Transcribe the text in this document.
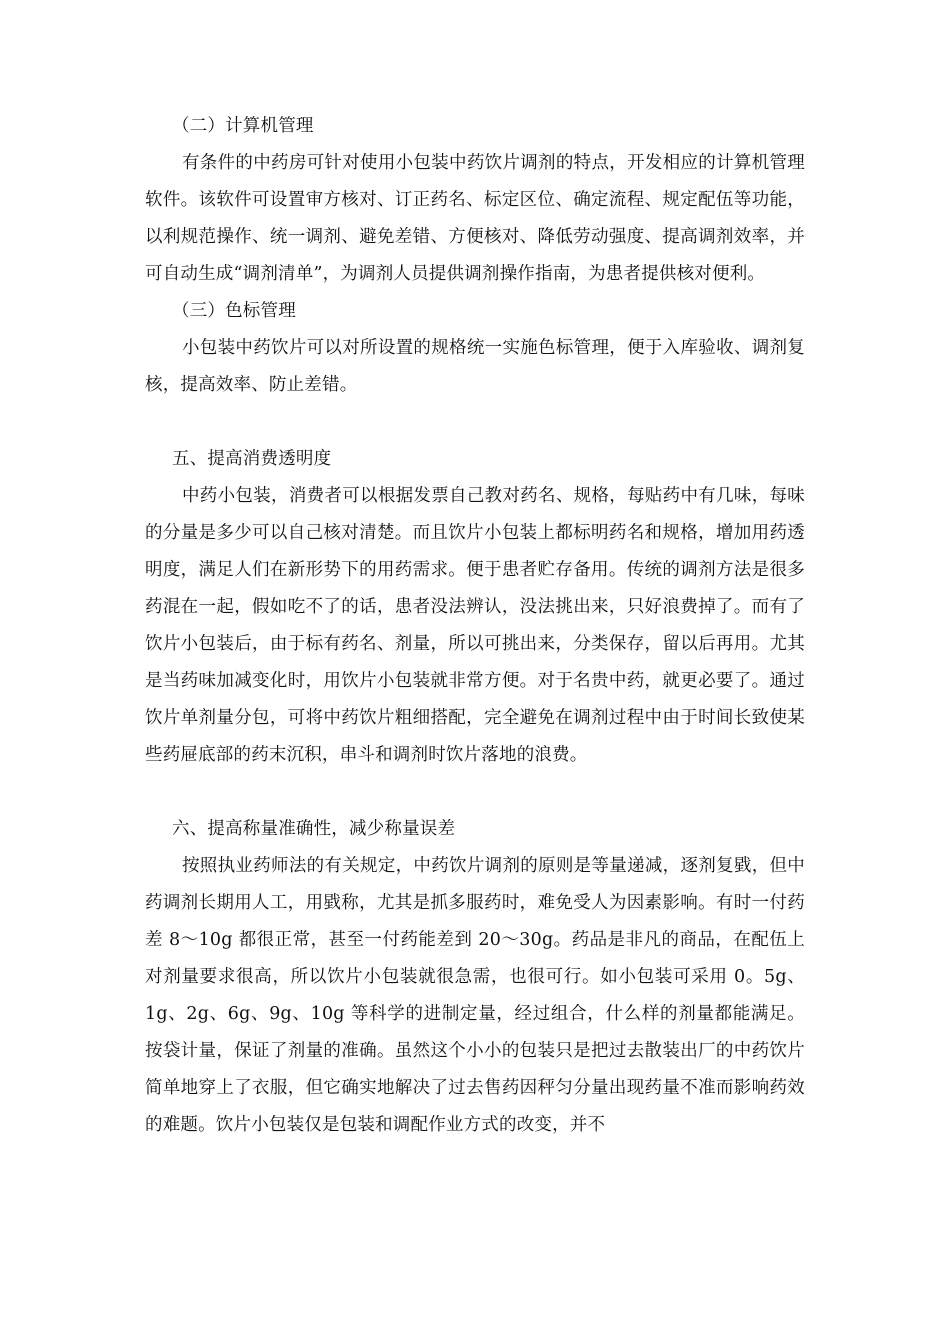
（二）计算机管理

有条件的中药房可针对使用小包装中药饮片调剂的特点，开发相应的计算机管理软件。该软件可设置审方核对、订正药名、标定区位、确定流程、规定配伍等功能，以利规范操作、统一调剂、避免差错、方便核对、降低劳动强度、提高调剂效率，并可自动生成“调剂清单”，为调剂人员提供调剂操作指南，为患者提供核对便利。

（三）色标管理

小包装中药饮片可以对所设置的规格统一实施色标管理，便于入库验收、调剂复核，提高效率、防止差错。

五、提高消费透明度

中药小包装，消费者可以根据发票自己教对药名、规格，每贴药中有几味，每味的分量是多少可以自己核对清楚。而且饮片小包装上都标明药名和规格，增加用药透明度，满足人们在新形势下的用药需求。便于患者贮存备用。传统的调剂方法是很多药混在一起，假如吃不了的话，患者没法辨认，没法挑出来，只好浪费掉了。而有了饮片小包装后，由于标有药名、剂量，所以可挑出来，分类保存，留以后再用。尤其是当药味加减变化时，用饮片小包装就非常方便。对于名贵中药，就更必要了。通过饮片单剂量分包，可将中药饮片粗细搭配，完全避免在调剂过程中由于时间长致使某些药屉底部的药末沉积，串斗和调剂时饮片落地的浪费。

六、提高称量准确性，减少称量误差

按照执业药师法的有关规定，中药饮片调剂的原则是等量递减，逐剂复戥，但中药调剂长期用人工，用戥称，尤其是抓多服药时，难免受人为因素影响。有时一付药差 8～10g 都很正常，甚至一付药能差到 20～30g。药品是非凡的商品，在配伍上对剂量要求很高，所以饮片小包装就很急需，也很可行。如小包装可采用 0。5g、1g、2g、6g、9g、10g 等科学的进制定量，经过组合，什么样的剂量都能满足。按袋计量，保证了剂量的准确。虽然这个小小的包装只是把过去散装出厂的中药饮片简单地穿上了衣服，但它确实地解决了过去售药因秤匀分量出现药量不准而影响药效的难题。饮片小包装仅是包装和调配作业方式的改变，并不
